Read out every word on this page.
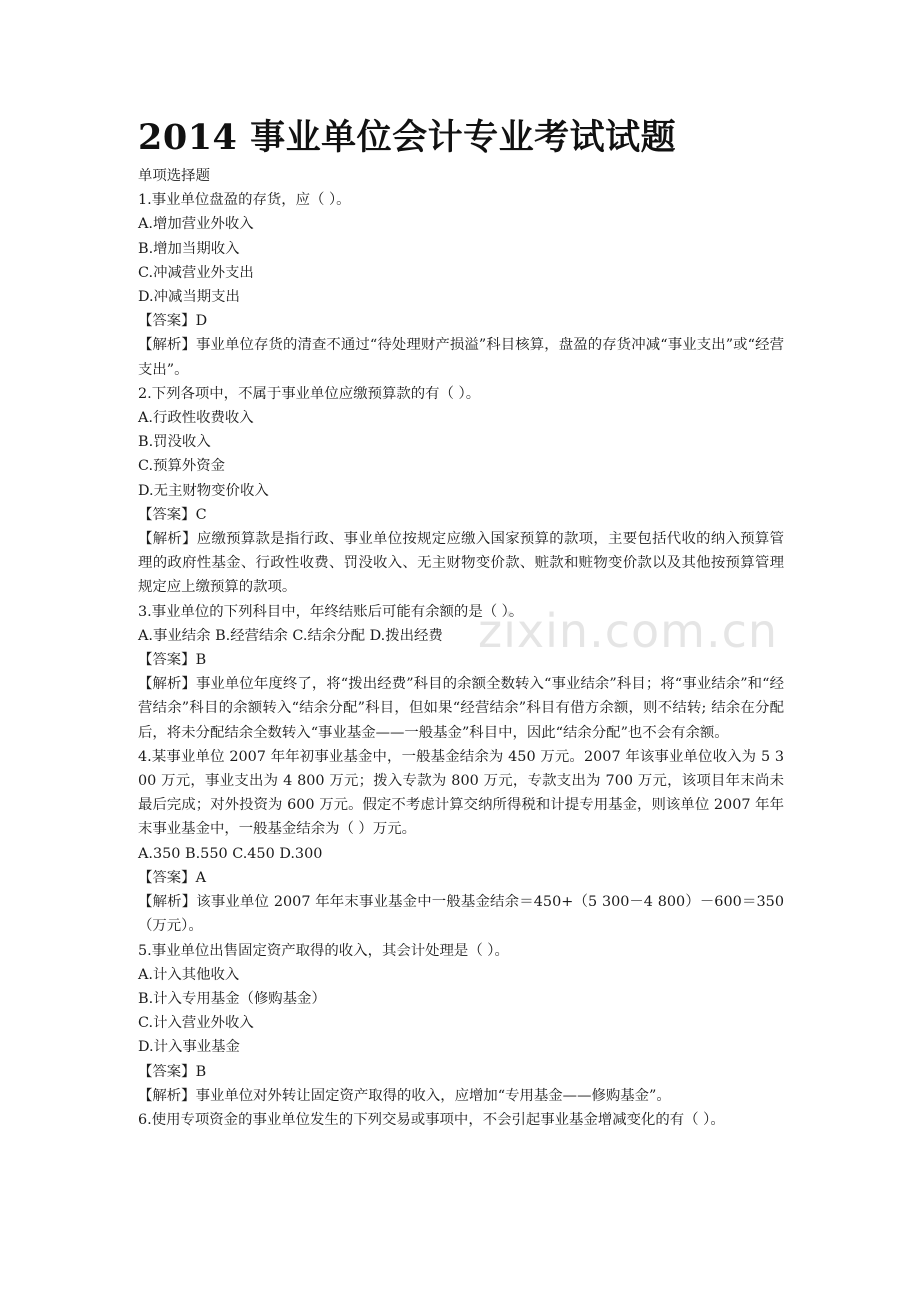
2014 事业单位会计专业考试试题
单项选择题
1.事业单位盘盈的存货，应（ ）。
A.增加营业外收入
B.增加当期收入
C.冲减营业外支出
D.冲减当期支出
【答案】D
【解析】事业单位存货的清查不通过“待处理财产损溢”科目核算，盘盈的存货冲减“事业支出”或“经营支出”。
2.下列各项中，不属于事业单位应缴预算款的有（ ）。
A.行政性收费收入
B.罚没收入
C.预算外资金
D.无主财物变价收入
【答案】C
【解析】应缴预算款是指行政、事业单位按规定应缴入国家预算的款项，主要包括代收的纳入预算管理的政府性基金、行政性收费、罚没收入、无主财物变价款、赃款和赃物变价款以及其他按预算管理规定应上缴预算的款项。
3.事业单位的下列科目中，年终结账后可能有余额的是（ ）。
A.事业结余 B.经营结余 C.结余分配 D.拨出经费
【答案】B
【解析】事业单位年度终了，将“拨出经费”科目的余额全数转入“事业结余”科目；将“事业结余”和“经营结余”科目的余额转入“结余分配”科目，但如果“经营结余”科目有借方余额，则不结转; 结余在分配后，将未分配结余全数转入“事业基金——一般基金”科目中，因此“结余分配”也不会有余额。
4.某事业单位 2007 年年初事业基金中，一般基金结余为 450 万元。2007 年该事业单位收入为 5 300 万元，事业支出为 4 800 万元；拨入专款为 800 万元，专款支出为 700 万元，该项目年末尚未最后完成；对外投资为 600 万元。假定不考虑计算交纳所得税和计提专用基金，则该单位 2007 年年末事业基金中，一般基金结余为（ ）万元。
A.350 B.550 C.450 D.300
【答案】A
【解析】该事业单位 2007 年年末事业基金中一般基金结余＝450+（5 300－4 800）－600＝350（万元）。
5.事业单位出售固定资产取得的收入，其会计处理是（ ）。
A.计入其他收入
B.计入专用基金（修购基金）
C.计入营业外收入
D.计入事业基金
【答案】B
【解析】事业单位对外转让固定资产取得的收入，应增加“专用基金——修购基金”。
6.使用专项资金的事业单位发生的下列交易或事项中，不会引起事业基金增减变化的有（ ）。
zixin.com.cn
